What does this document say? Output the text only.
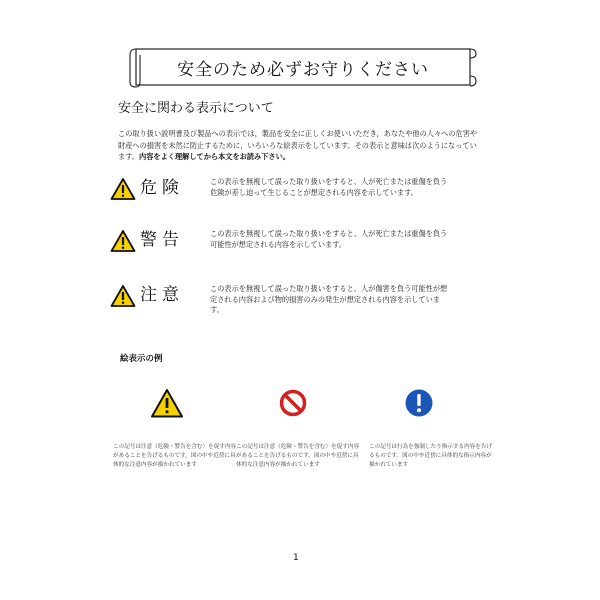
安全のため必ずお守りください
安全に関わる表示について
この取り扱い説明書及び製品への表示では，製品を安全に正しくお使いいただき，あなたや他の人々への危害や財産への損害を未然に防止するために，いろいろな絵表示をしています。その表示と意味は次のようになっています。内容をよく理解してから本文をお読み下さい。
危険	この表示を無視して誤った取り扱いをすると、人が死亡または重傷を負う危険が差し迫って生じることが想定される内容を示しています。
警告	この表示を無視して誤った取り扱いをすると、人が死亡または重傷を負う可能性が想定される内容を示しています。
注意	この表示を無視して誤った取り扱いをすると、人が傷害を負う可能性が想定される内容および物的損害のみの発生が想定される内容を示しています。
絵表示の例
この記号は注意（危険・警告を含む）を促す内容があることを告げるものです。図の中や近傍に具体的な注意内容が描かれています
この記号は注意（危険・警告を含む）を促す内容があることを告げるものです。図の中や近傍に具体的な注意内容が描かれています
この記号は行為を強制したり指示する内容を告げるものです。図の中や近傍に具体的な指示内容が描かれています
1
